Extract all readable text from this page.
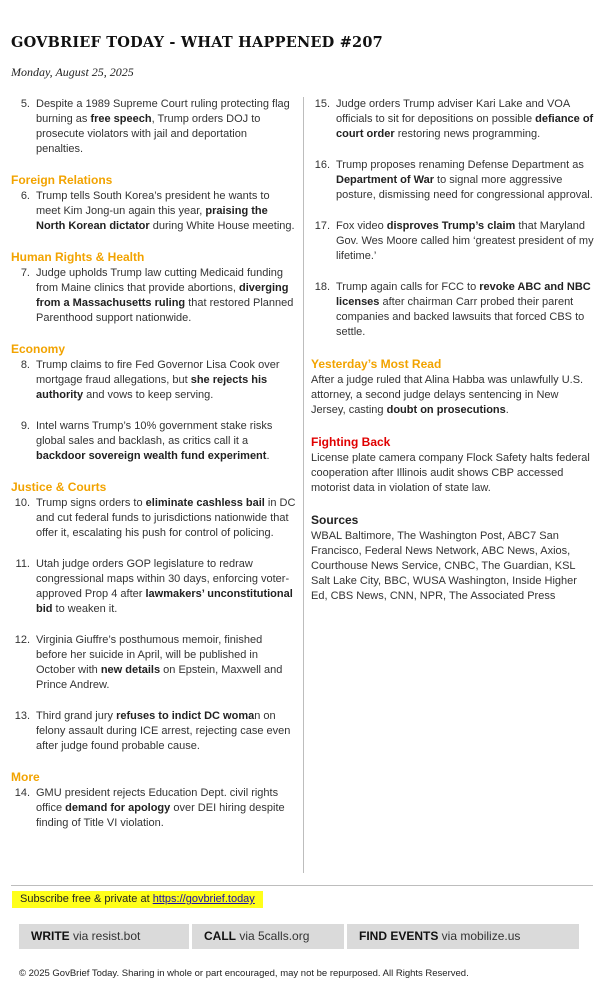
GOVBRIEF TODAY - WHAT HAPPENED #207
Monday, August 25, 2025
5. Despite a 1989 Supreme Court ruling protecting flag burning as free speech, Trump orders DOJ to prosecute violators with jail and deportation penalties.
Foreign Relations
6. Trump tells South Korea’s president he wants to meet Kim Jong-un again this year, praising the North Korean dictator during White House meeting.
Human Rights & Health
7. Judge upholds Trump law cutting Medicaid funding from Maine clinics that provide abortions, diverging from a Massachusetts ruling that restored Planned Parenthood support nationwide.
Economy
8. Trump claims to fire Fed Governor Lisa Cook over mortgage fraud allegations, but she rejects his authority and vows to keep serving.
9. Intel warns Trump’s 10% government stake risks global sales and backlash, as critics call it a backdoor sovereign wealth fund experiment.
Justice & Courts
10. Trump signs orders to eliminate cashless bail in DC and cut federal funds to jurisdictions nationwide that offer it, escalating his push for control of policing.
11. Utah judge orders GOP legislature to redraw congressional maps within 30 days, enforcing voter-approved Prop 4 after lawmakers’ unconstitutional bid to weaken it.
12. Virginia Giuffre’s posthumous memoir, finished before her suicide in April, will be published in October with new details on Epstein, Maxwell and Prince Andrew.
13. Third grand jury refuses to indict DC woman on felony assault during ICE arrest, rejecting case even after judge found probable cause.
More
14. GMU president rejects Education Dept. civil rights office demand for apology over DEI hiring despite finding of Title VI violation.
15. Judge orders Trump adviser Kari Lake and VOA officials to sit for depositions on possible defiance of court order restoring news programming.
16. Trump proposes renaming Defense Department as Department of War to signal more aggressive posture, dismissing need for congressional approval.
17. Fox video disproves Trump’s claim that Maryland Gov. Wes Moore called him ‘greatest president of my lifetime.’
18. Trump again calls for FCC to revoke ABC and NBC licenses after chairman Carr probed their parent companies and backed lawsuits that forced CBS to settle.
Yesterday’s Most Read
After a judge ruled that Alina Habba was unlawfully U.S. attorney, a second judge delays sentencing in New Jersey, casting doubt on prosecutions.
Fighting Back
License plate camera company Flock Safety halts federal cooperation after Illinois audit shows CBP accessed motorist data in violation of state law.
Sources
WBAL Baltimore, The Washington Post, ABC7 San Francisco, Federal News Network, ABC News, Axios, Courthouse News Service, CNBC, The Guardian, KSL Salt Lake City, BBC, WUSA Washington, Inside Higher Ed, CBS News, CNN, NPR, The Associated Press
Subscribe free & private at https://govbrief.today
WRITE via resist.bot	CALL via 5calls.org	FIND EVENTS via mobilize.us
© 2025 GovBrief Today. Sharing in whole or part encouraged, may not be repurposed. All Rights Reserved.
